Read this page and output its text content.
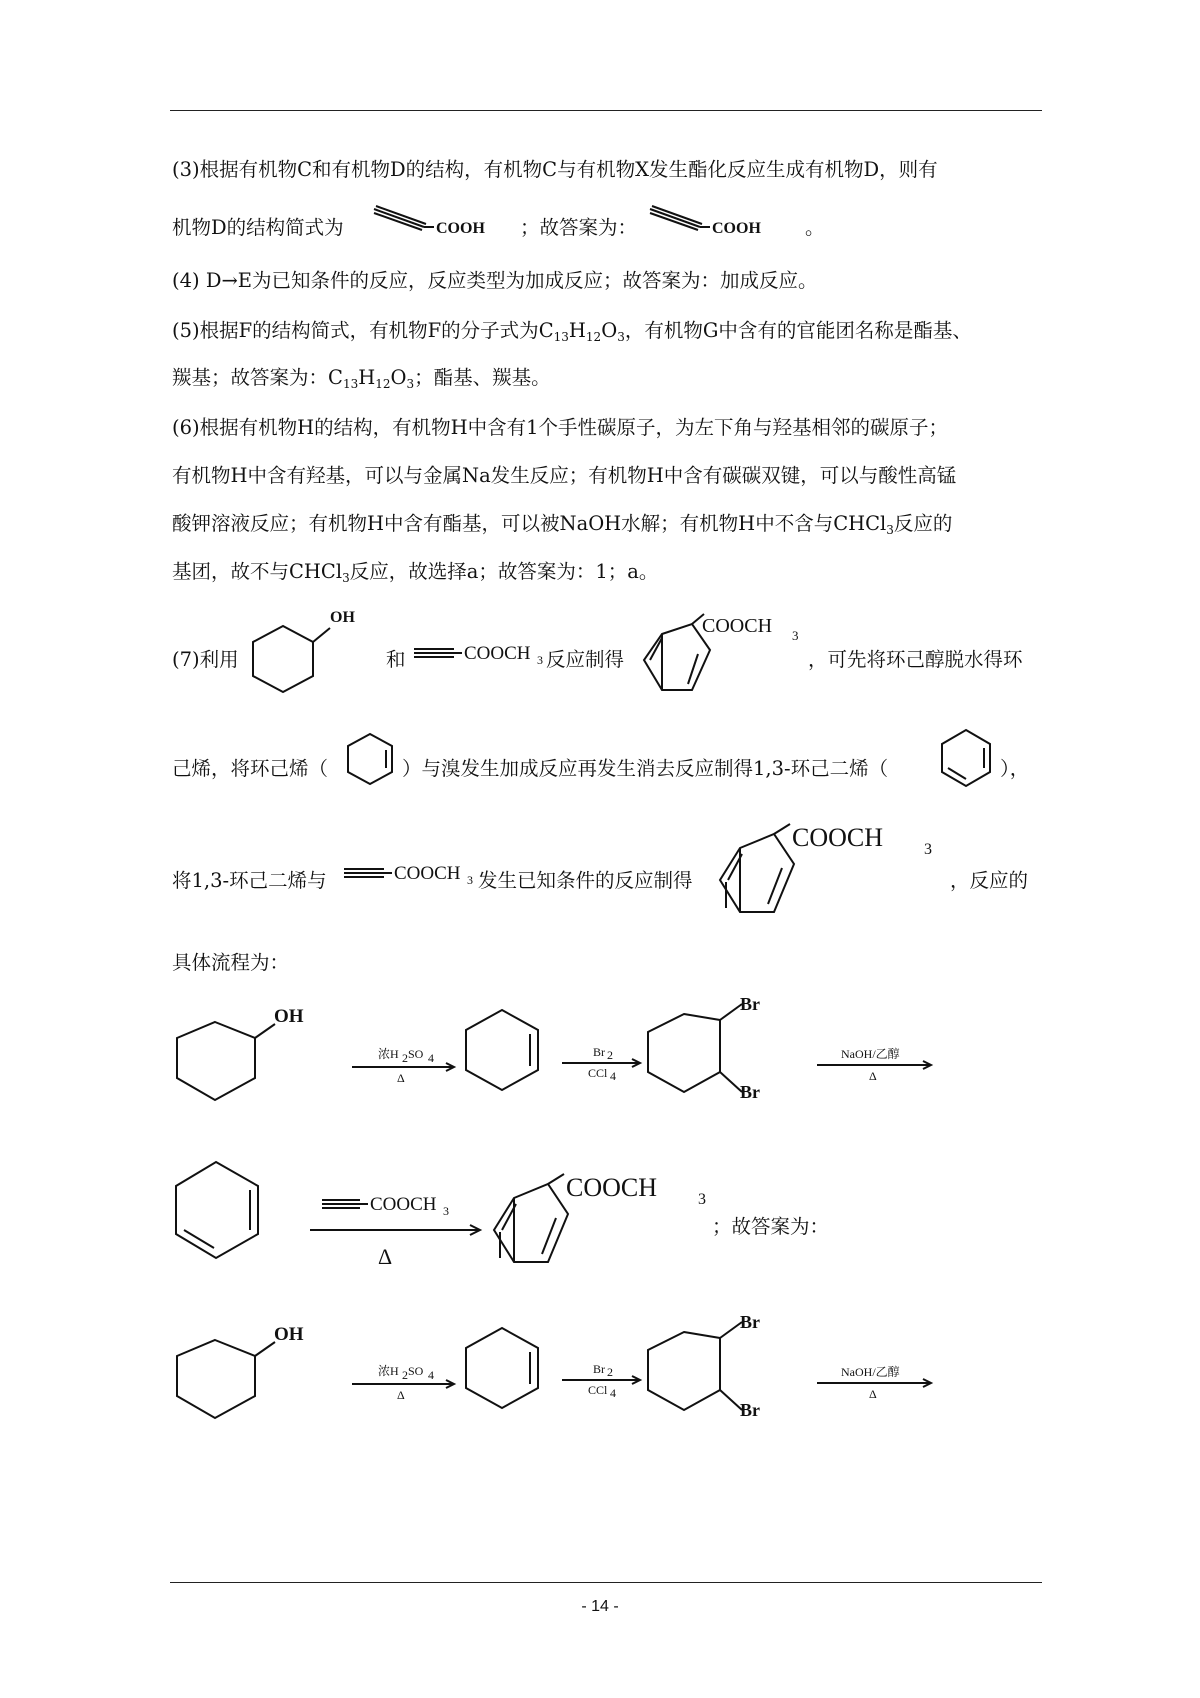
(3)根据有机物C和有机物D的结构，有机物C与有机物X发生酯化反应生成有机物D，则有
机物D的结构简式为	COOH ；故答案为：	COOH 。
(4) D→E为已知条件的反应，反应类型为加成反应；故答案为：加成反应。
(5)根据F的结构简式，有机物F的分子式为$C_{13}H_{12}O_3$，有机物G中含有的官能团名称是酯基、
羰基；故答案为：$C_{13}H_{12}O_3$；酯基、羰基。
(6)根据有机物H的结构，有机物H中含有1个手性碳原子，为左下角与羟基相邻的碳原子；
有机物H中含有羟基，可以与金属Na发生反应；有机物H中含有碳碳双键，可以与酸性高锰
酸钾溶液反应；有机物H中含有酯基，可以被NaOH水解；有机物H中不含与CHCl$_3$反应的
基团，故不与CHCl$_3$反应，故选择a；故答案为：1；a。
(7)利用
OH
和	COOCH 3 反应制得
COOCH 3
，可先将环己醇脱水得环
己烯，将环己烯（	）与溴发生加成反应再发生消去反应制得1,3-环己二烯（	），
将1,3-环己二烯与	COOCH 3 发生已知条件的反应制得
COOCH	3
，反应的
具体流程为：
OH
浓H 2 SO 4
Δ
Br 2
CCl 4
Br
Br
NaOH/乙醇
Δ
COOCH 3
Δ
COOCH	3
；故答案为：
OH
浓H 2 SO 4
Δ
Br 2
CCl 4
Br
Br
NaOH/乙醇
Δ
- 14 -
